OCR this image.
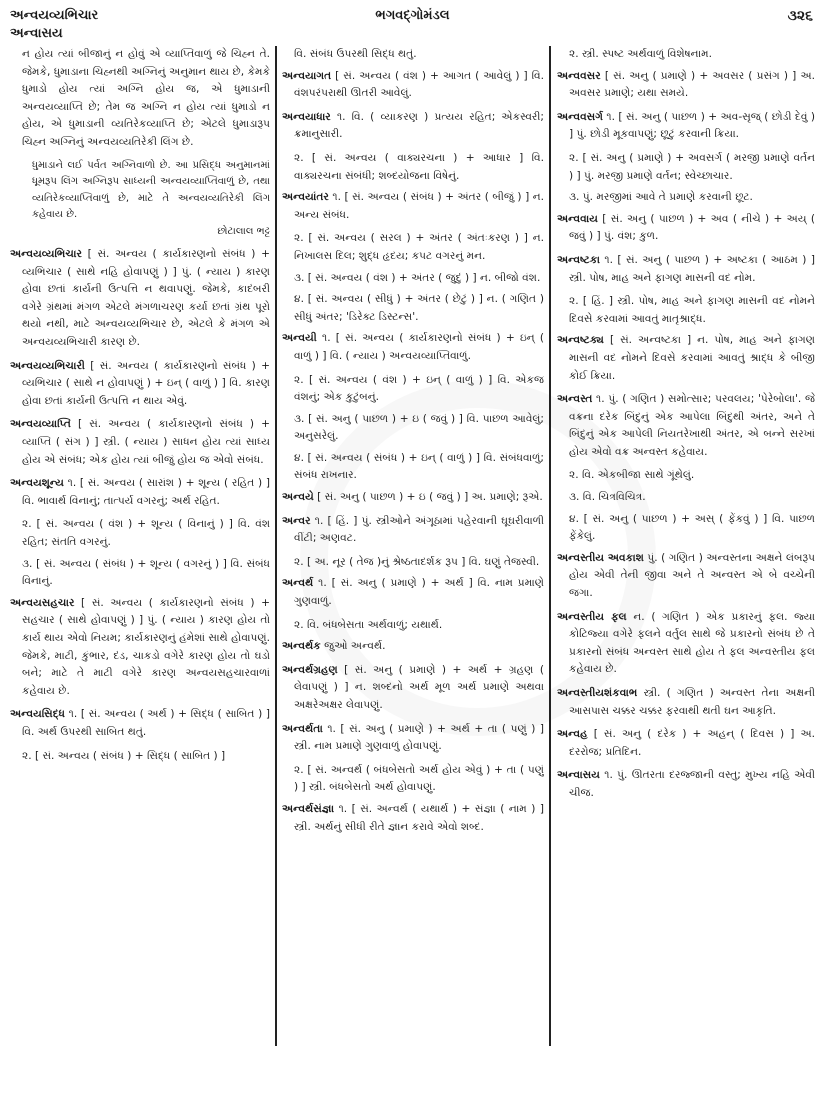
અન્વયવ્યભિચાર
અન્વાસય
ભગવદ્ગોમંડલ	૩૨૬
ન હોય ત્યાં બીજાનું ન હોવું એ વ્યાપ્તિવાળું જે ચિહ્ન તે. જેમકે, ધુમાડાના ચિહ્નથી અગ્નિનું અનુમાન થાય છે, કેમકે ધુમાડો હોય ત્યાં અગ્નિ હોય જ, એ ધુમાડાની અન્વયવ્યાપ્તિ છે; તેમ જ અગ્નિ ન હોય ત્યાં ધુમાડો ન હોય, એ ધુમાડાની વ્યતિરેકવ્યાપ્તિ છે; એટલે ધુમાડારૂપ ચિહ્ન અગ્નિનું અન્વયવ્યતિરેકી લિંગ છે.
ધુમાડાને લઈ પર્વત અગ્નિવાળો છે. આ પ્રસિદ્ધ અનુમાનમાં ધૂમરૂપ લિંગ અગ્નિરૂપ સાધ્યની અન્વયવ્યાપ્તિવાળું છે, તથા વ્યતિરેકવ્યાપ્તિવાળું છે, માટે તે અન્વયવ્યતિરેકી લિંગ કહેવાય છે.
છોટાલાલ ભટ્ટ
અન્વયવ્યભિચાર [ સં. અન્વય ( કાર્યકારણનો સંબંધ ) + વ્યભિચાર ( સાથે નહિ હોવાપણું ) ] પું. ( ન્યાય ) કારણ હોવા છતાં કાર્યની ઉત્પત્તિ ન થવાપણું. જેમકે, કાદંબરી વગેરે ગ્રંથમાં મંગળ એટલે મંગળાચરણ કર્યા છતાં ગ્રંથ પૂરો થયો નથી, માટે અન્વયવ્યભિચાર છે, એટલે કે મંગળ એ અન્વયવ્યભિચારી કારણ છે.
અન્વયવ્યભિચારી [ સં. અન્વય ( કાર્યકારણનો સંબંધ ) + વ્યભિચાર ( સાથે ન હોવાપણું ) + ઇન્ ( વાળું ) ] વિ. કારણ હોવા છતાં કાર્યની ઉત્પત્તિ ન થાય એવું.
અન્વયવ્યાપ્તિ [ સં. અન્વય ( કાર્યકારણનો સંબંધ ) + વ્યાપ્તિ ( સંગ ) ] સ્ત્રી. ( ન્યાય ) સાધન હોય ત્યાં સાધ્ય હોય એ સંબંધ; એક હોય ત્યાં બીજું હોય જ એવો સંબંધ.
અન્વયશૂન્ય ૧. [ સં. અન્વય ( સારાંશ ) + શૂન્ય ( રહિત ) ] વિ. ભાવાર્થ વિનાનું; તાત્પર્ય વગરનું; અર્થ રહિત.
૨. [ સં. અન્વય ( વંશ ) + શૂન્ય ( વિનાનું ) ] વિ. વંશ રહિત; સંતતિ વગરનું.
૩. [ સં. અન્વય ( સંબંધ ) + શૂન્ય ( વગરનું ) ] વિ. સંબંધ વિનાનું.
અન્વયસહચાર [ સં. અન્વય ( કાર્યકારણનો સંબંધ ) + સહચાર ( સાથે હોવાપણું ) ] પું. ( ન્યાય ) કારણ હોય તો કાર્ય થાય એવો નિયમ; કાર્યકારણનું હંમેશાં સાથે હોવાપણું. જેમકે, માટી, કુંભાર, દંડ, ચાકડો વગેરે કારણ હોય તો ઘડો બને; માટે તે માટી વગેરે કારણ અન્વયસહચારવાળાં કહેવાય છે.
અન્વયસિદ્ધ ૧. [ સં. અન્વય ( અર્થ ) + સિદ્ધ ( સાબિત ) ] વિ. અર્થ ઉપરથી સાબિત થતું.
૨. [ સં. અન્વય ( સંબંધ ) + સિદ્ધ ( સાબિત ) ]
વિ. સંબંધ ઉપરથી સિદ્ધ થતું.
અન્વયાગત [ સં. અન્વય ( વંશ ) + આગત ( આવેલું ) ] વિ. વંશપરંપરાથી ઊતરી આવેલું.
અન્વયાધાર ૧. વિ. ( વ્યાકરણ ) પ્રત્યય રહિત; એકસ્વરી; ક્રમાનુસારી.
૨. [ સં. અન્વય ( વાક્યરચના ) + આધાર ] વિ. વાક્યરચના સંબંધી; શબ્દયોજના વિષેનું.
અન્વયાંતર ૧. [ સં. અન્વય ( સંબંધ ) + અંતર ( બીજું ) ] ન. અન્ય સંબંધ.
૨. [ સં. અન્વય ( સરલ ) + અંતર ( અંતઃકરણ ) ] ન. નિખાલસ દિલ; શુદ્ધ હૃદય; કપટ વગરનું મન.
૩. [ સં. અન્વય ( વંશ ) + અંતર ( જુદું ) ] ન. બીજો વંશ.
૪. [ સં. અન્વય ( સીધું ) + અંતર ( છેટું ) ] ન. ( ગણિત ) સીધું અંતર; 'ડિરેક્ટ ડિસ્ટન્સ'.
અન્વયી ૧. [ સં. અન્વય ( કાર્યકારણનો સંબંધ ) + ઇન્ ( વાળું ) ] વિ. ( ન્યાય ) અન્વયવ્યાપ્તિવાળું.
૨. [ સં. અન્વય ( વંશ ) + ઇન્ ( વાળું ) ] વિ. એકજ વંશનું; એક કુટુંબનું.
૩. [ સં. અનુ ( પાછળ ) + ઇ ( જવું ) ] વિ. પાછળ આવેલું; અનુસરેલું.
૪. [ સં. અન્વય ( સંબંધ ) + ઇન્ ( વાળું ) ] વિ. સંબંધવાળું; સંબંધ રાખનાર.
અન્વયે [ સં. અનુ ( પાછળ ) + ઇ ( જવું ) ] અ. પ્રમાણે; રૂએ.
અન્વર ૧. [ હિં. ] પું. સ્ત્રીઓને અંગૂઠામાં પહેરવાની ઘૂઘરીવાળી વીંટી; અણવટ.
૨. [ અ. નૂર ( તેજ )નું શ્રેષ્ઠતાદર્શક રૂપ ] વિ. ઘણું તેજસ્વી.
અન્વર્થ ૧. [ સં. અનુ ( પ્રમાણે ) + અર્થ ] વિ. નામ પ્રમાણે ગુણવાળું.
૨. વિ. બંધબેસતા અર્થવાળું; યથાર્થ.
અન્વર્થક જુઓ અન્વર્થ.
અન્વર્થગ્રહણ [ સં. અનુ ( પ્રમાણે ) + અર્થ + ગ્રહણ ( લેવાપણું ) ] ન. શબ્દનો અર્થ મૂળ અર્થ પ્રમાણે અથવા અક્ષરેઅક્ષર લેવાપણું.
અન્વર્થતા ૧. [ સં. અનુ ( પ્રમાણે ) + અર્થ + તા ( પણું ) ] સ્ત્રી. નામ પ્રમાણે ગુણવાળું હોવાપણું.
૨. [ સં. અન્વર્થ ( બંધબેસતો અર્થ હોય એવું ) + તા ( પણું ) ] સ્ત્રી. બંધબેસતો અર્થ હોવાપણું.
અન્વર્થસંજ્ઞા ૧. [ સં. અન્વર્થ ( યથાર્થ ) + સંજ્ઞા ( નામ ) ] સ્ત્રી. અર્થનું સીધી રીતે જ્ઞાન કરાવે એવો શબ્દ.
૨. સ્ત્રી. સ્પષ્ટ અર્થવાળું વિશેષનામ.
અન્વવસર [ સં. અનુ ( પ્રમાણે ) + અવસર ( પ્રસંગ ) ] અ. અવસર પ્રમાણે; યથા સમયે.
અન્વવસર્ગ ૧. [ સં. અનુ ( પાછળ ) + અવ-સૃજ્ ( છોડી દેવું ) ] પું. છોડી મૂકવાપણું; છૂટું કરવાની ક્રિયા.
૨. [ સં. અનુ ( પ્રમાણે ) + અવસર્ગ ( મરજી પ્રમાણે વર્તન ) ] પું. મરજી પ્રમાણે વર્તન; સ્વેચ્છાચાર.
૩. પું. મરજીમાં આવે તે પ્રમાણે કરવાની છૂટ.
અન્વવાય [ સં. અનુ ( પાછળ ) + અવ ( નીચે ) + અય્ ( જવું ) ] પું. વંશ; કુળ.
અન્વષ્ટકા ૧. [ સં. અનુ ( પાછળ ) + અષ્ટકા ( આઠમ ) ] સ્ત્રી. પોષ, માહ અને ફાગણ માસની વદ નોમ.
૨. [ હિં. ] સ્ત્રી. પોષ, માહ અને ફાગણ માસની વદ નોમને દિવસે કરવામાં આવતું માતૃશ્રાદ્ધ.
અન્વષ્ટક્ય [ સં. અન્વષ્ટકા ] ન. પોષ, માહ અને ફાગણ માસની વદ નોમને દિવસે કરવામાં આવતું શ્રાદ્ધ કે બીજી કોઈ ક્રિયા.
અન્વસ્ત ૧. પું. ( ગણિત ) સમોત્સાર; પરવલય; 'પેરેબોલા'. જે વક્રના દરેક બિંદુનું એક આપેલા બિંદુથી અંતર, અને તે બિંદુનું એક આપેલી નિયતરેખાથી અંતર, એ બન્ને સરખાં હોય એવો વક્ર અન્વસ્ત કહેવાય.
૨. વિ. એકબીજા સાથે ગૂંથેલું.
૩. વિ. ચિત્રવિચિત્ર.
૪. [ સં. અનુ ( પાછળ ) + અસ્ ( ફેંકવું ) ] વિ. પાછળ ફેંકેલું.
અન્વસ્તીય અવકાશ પું. ( ગણિત ) અન્વસ્તના અક્ષને લંબરૂપ હોય એવી તેની જીવા અને તે અન્વસ્ત એ બે વચ્ચેની જગા.
અન્વસ્તીય ફલ ન. ( ગણિત ) એક પ્રકારનું ફલ. જ્યા કોટિજ્યા વગેરે ફલને વર્તુલ સાથે જે પ્રકારનો સંબંધ છે તે પ્રકારનો સંબંધ અન્વસ્ત સાથે હોય તે ફલ અન્વસ્તીય ફલ કહેવાય છે.
અન્વસ્તીયશંકવાભ સ્ત્રી. ( ગણિત ) અન્વસ્ત તેના અક્ષની આસપાસ ચક્કર ચક્કર ફરવાથી થતી ઘન આકૃતિ.
અન્વહ [ સં. અનુ ( દરેક ) + અહન્ ( દિવસ ) ] અ. દરરોજ; પ્રતિદિન.
અન્વાસય ૧. પું. ઊતરતા દરજ્જાની વસ્તુ; મુખ્ય નહિ એવી ચીજ.
